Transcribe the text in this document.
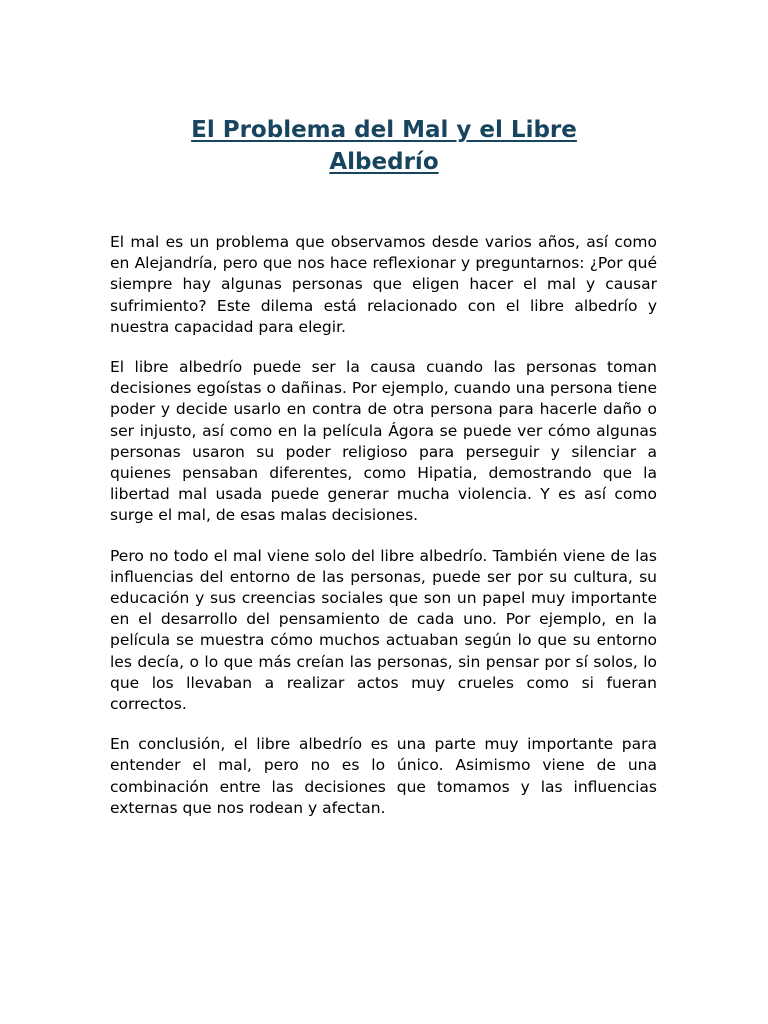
El Problema del Mal y el Libre Albedrío

El mal es un problema que observamos desde varios años, así como en Alejandría, pero que nos hace reflexionar y preguntarnos: ¿Por qué siempre hay algunas personas que eligen hacer el mal y causar sufrimiento? Este dilema está relacionado con el libre albedrío y nuestra capacidad para elegir.

El libre albedrío puede ser la causa cuando las personas toman decisiones egoístas o dañinas. Por ejemplo, cuando una persona tiene poder y decide usarlo en contra de otra persona para hacerle daño o ser injusto, así como en la película Ágora se puede ver cómo algunas personas usaron su poder religioso para perseguir y silenciar a quienes pensaban diferentes, como Hipatia, demostrando que la libertad mal usada puede generar mucha violencia. Y es así como surge el mal, de esas malas decisiones.

Pero no todo el mal viene solo del libre albedrío. También viene de las influencias del entorno de las personas, puede ser por su cultura, su educación y sus creencias sociales que son un papel muy importante en el desarrollo del pensamiento de cada uno. Por ejemplo, en la película se muestra cómo muchos actuaban según lo que su entorno les decía, o lo que más creían las personas, sin pensar por sí solos, lo que los llevaban a realizar actos muy crueles como si fueran correctos.

En conclusión, el libre albedrío es una parte muy importante para entender el mal, pero no es lo único. Asimismo viene de una combinación entre las decisiones que tomamos y las influencias externas que nos rodean y afectan.
